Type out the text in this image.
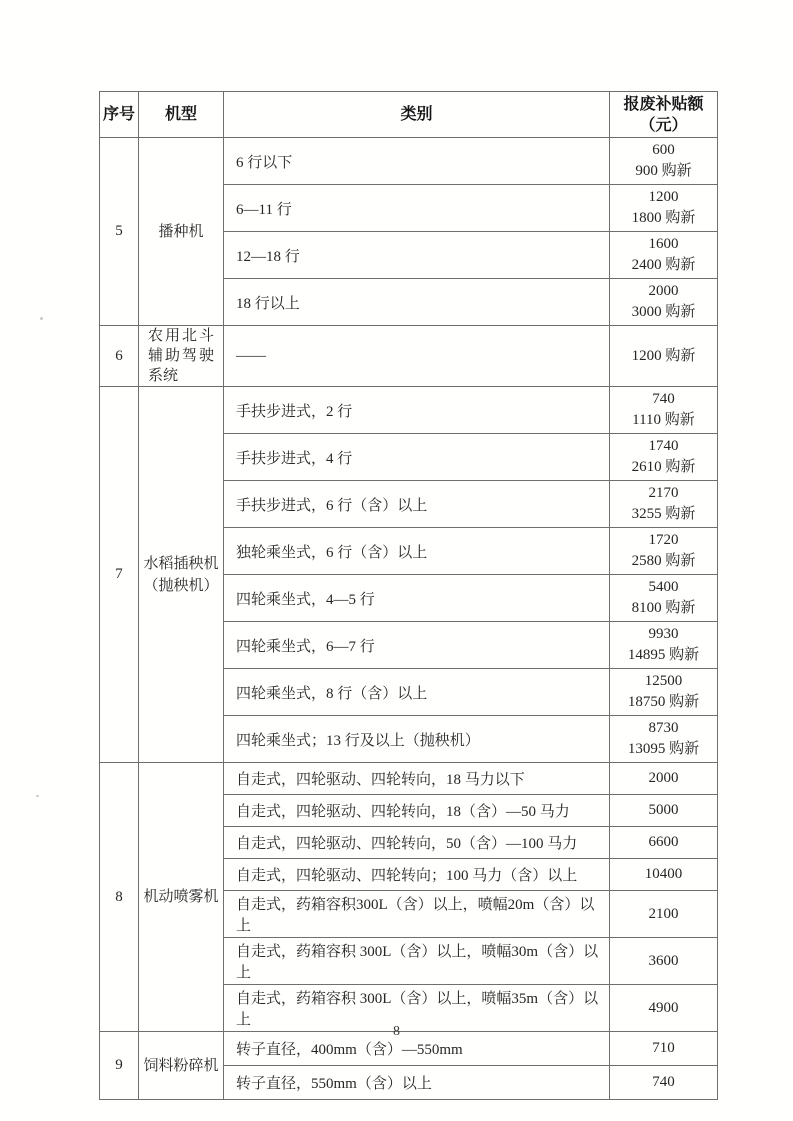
序号	机型	类别	报废补贴额
（元）

5	播种机	6 行以下	600
900 购新

		6—11 行	1200
1800 购新

		12—18 行	1600
2400 购新

		18 行以上	2000
3000 购新

6	农用北斗辅助驾驶系统	——	1200 购新

7	水稻插秧机（抛秧机）	手扶步进式，2 行	740
1110 购新

		手扶步进式，4 行	1740
2610 购新

		手扶步进式，6 行（含）以上	2170
3255 购新

		独轮乘坐式，6 行（含）以上	1720
2580 购新

		四轮乘坐式，4—5 行	5400
8100 购新

		四轮乘坐式，6—7 行	9930
14895 购新

		四轮乘坐式，8 行（含）以上	12500
18750 购新

		四轮乘坐式；13 行及以上（抛秧机）	8730
13095 购新

8	机动喷雾机	自走式，四轮驱动、四轮转向，18 马力以下	2000

		自走式，四轮驱动、四轮转向，18（含）—50 马力	5000

		自走式，四轮驱动、四轮转向，50（含）—100 马力	6600

		自走式，四轮驱动、四轮转向；100 马力（含）以上	10400

		自走式，药箱容积300L（含）以上，喷幅20m（含）以上	2100

		自走式，药箱容积 300L（含）以上，喷幅30m（含）以上	3600

		自走式，药箱容积 300L（含）以上，喷幅35m（含）以上	4900

9	饲料粉碎机	转子直径，400mm（含）—550mm	710

		转子直径，550mm（含）以上	740
8
